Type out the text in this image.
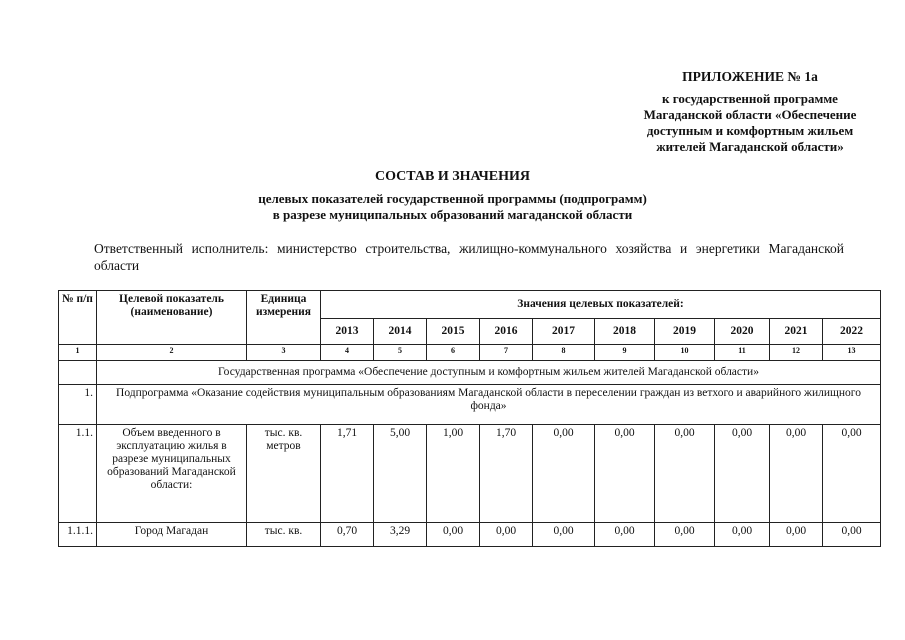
ПРИЛОЖЕНИЕ № 1а
к государственной программе
Магаданской области «Обеспечение
доступным и комфортным жильем
жителей Магаданской области»
СОСТАВ И ЗНАЧЕНИЯ
целевых показателей государственной программы (подпрограмм)
в разрезе муниципальных образований магаданской области
Ответственный исполнитель: министерство строительства, жилищно-коммунального хозяйства и энергетики Магаданской области
№ п/п	Целевой показатель (наименование)	Единица измерения	Значения целевых показателей:									
			2013	2014	2015	2016	2017	2018	2019	2020	2021	2022
1	2	3	4	5	6	7	8	9	10	11	12	13
	Государственная программа «Обеспечение доступным и комфортным жильем жителей Магаданской области»											
1.	Подпрограмма «Оказание содействия муниципальным образованиям Магаданской области в переселении граждан из ветхого и аварийного жилищного фонда»											
1.1.	Объем введенного в эксплуатацию жилья в разрезе муниципальных образований Магаданской области:	тыс. кв. метров	1,71	5,00	1,00	1,70	0,00	0,00	0,00	0,00	0,00	0,00
1.1.1.	Город Магадан	тыс. кв.	0,70	3,29	0,00	0,00	0,00	0,00	0,00	0,00	0,00	0,00
